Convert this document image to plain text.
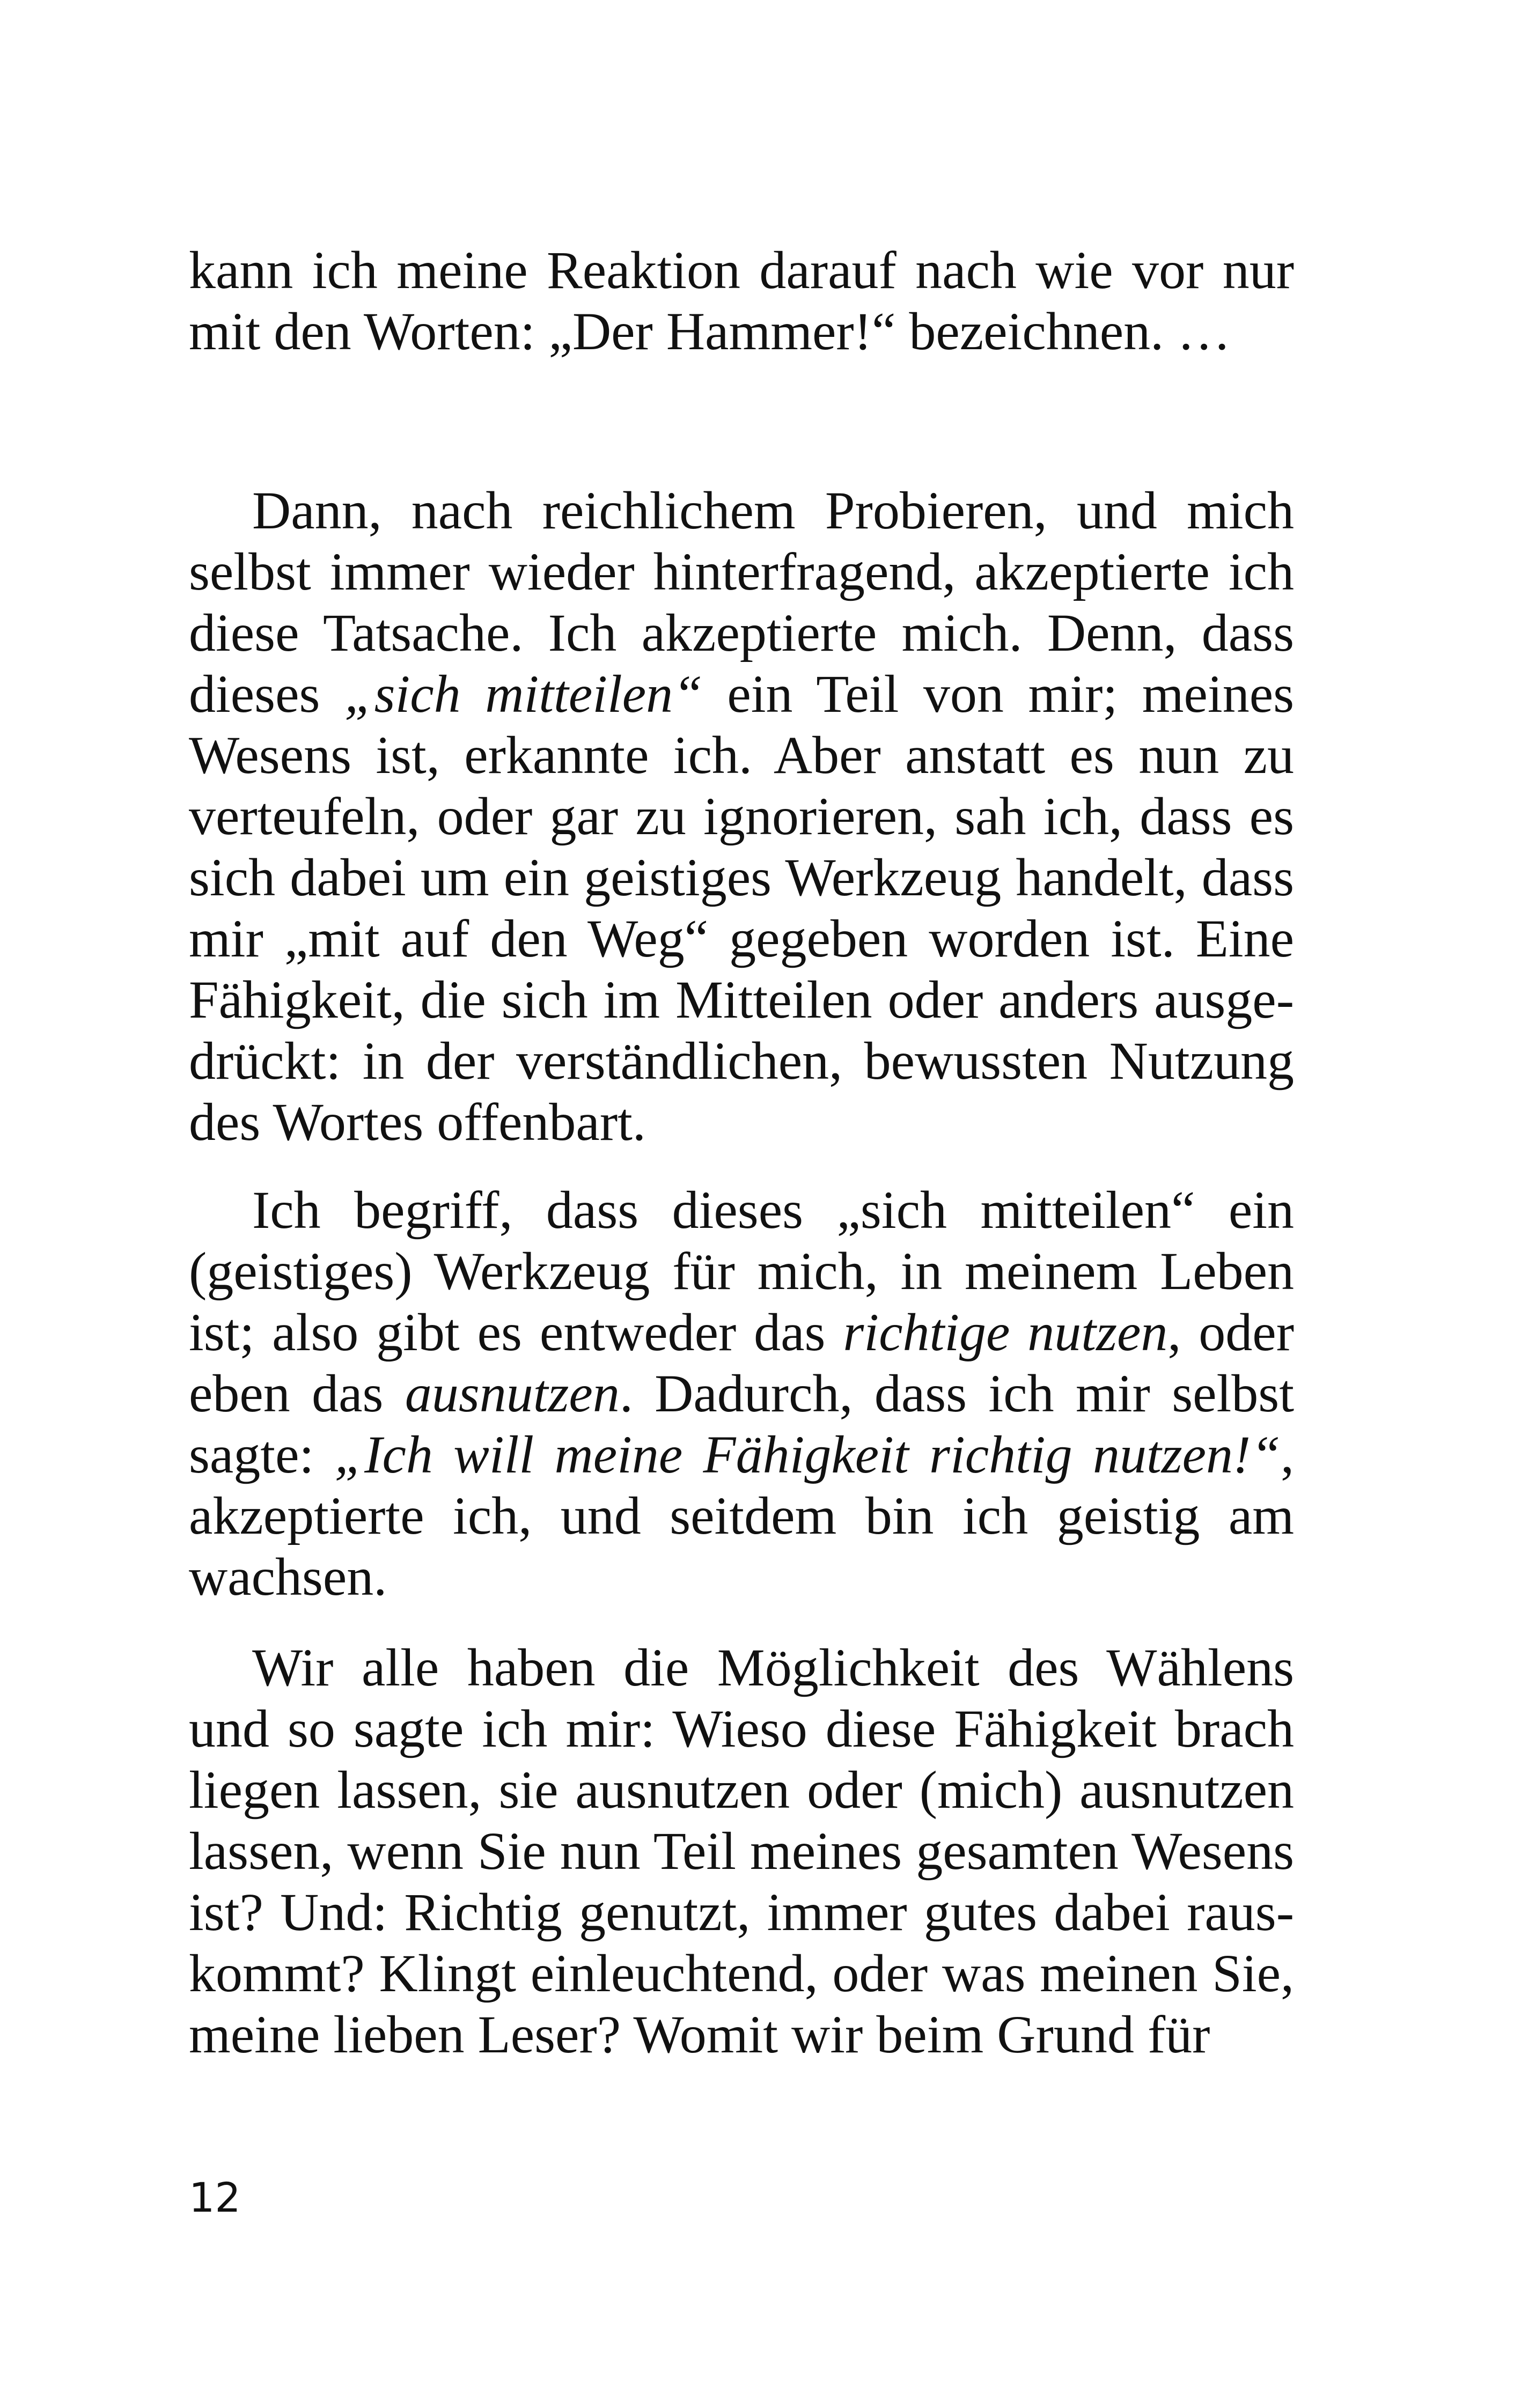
kann ich meine Reaktion darauf nach wie vor nur mit den Worten: „Der Hammer!“ bezeichnen. …

Dann, nach reichlichem Probieren, und mich selbst immer wieder hinterfragend, akzeptierte ich diese Tatsache. Ich akzeptierte mich. Denn, dass dieses „sich mitteilen“ ein Teil von mir; meines Wesens ist, erkannte ich. Aber anstatt es nun zu verteufeln, oder gar zu ignorieren, sah ich, dass es sich dabei um ein geistiges Werkzeug handelt, dass mir „mit auf den Weg“ gegeben worden ist. Eine Fähigkeit, die sich im Mitteilen oder anders ausgedrückt: in der verständlichen, bewussten Nutzung des Wortes offenbart.

Ich begriff, dass dieses „sich mitteilen“ ein (geistiges) Werkzeug für mich, in meinem Leben ist; also gibt es entweder das richtige nutzen, oder eben das ausnutzen. Dadurch, dass ich mir selbst sagte: „Ich will meine Fähigkeit richtig nutzen!“, akzeptierte ich, und seitdem bin ich geistig am wachsen.

Wir alle haben die Möglichkeit des Wählens und so sagte ich mir: Wieso diese Fähigkeit brach liegen lassen, sie ausnutzen oder (mich) ausnutzen lassen, wenn Sie nun Teil meines gesamten Wesens ist? Und: Richtig genutzt, immer gutes dabei rauskommt? Klingt einleuchtend, oder was meinen Sie, meine lieben Leser? Womit wir beim Grund für

12
